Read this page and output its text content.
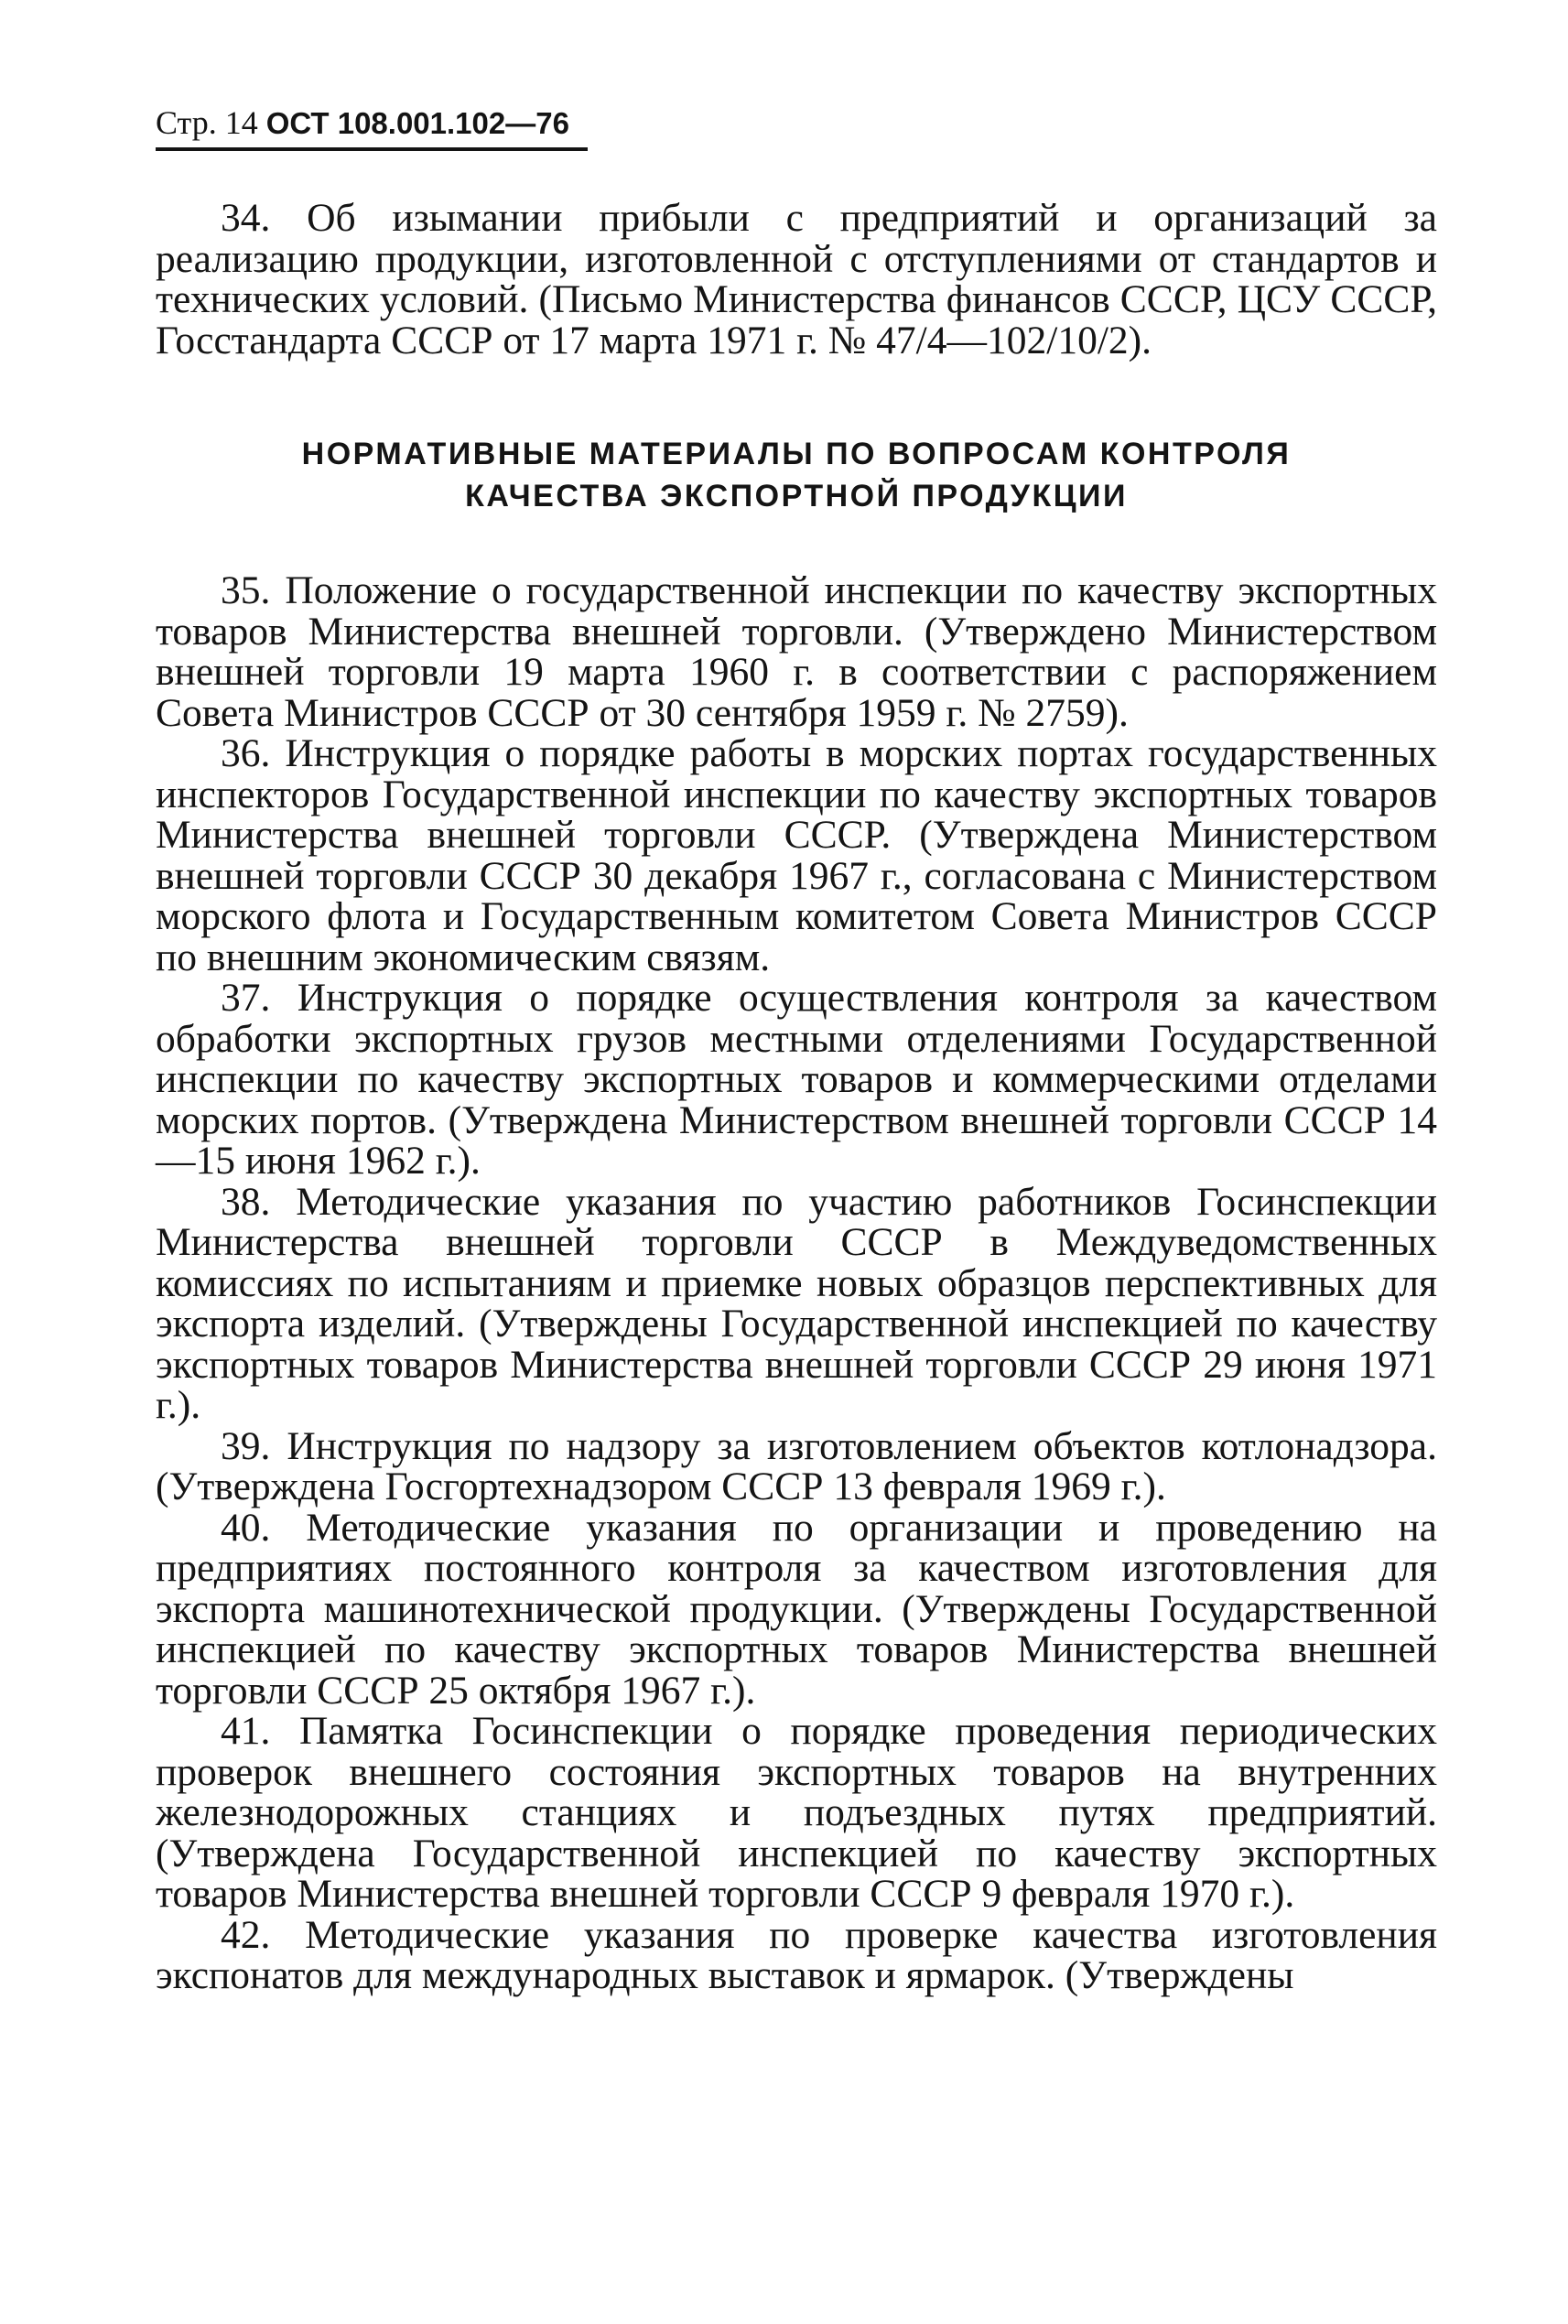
Стр. 14 ОСТ 108.001.102—76

34. Об изымании прибыли с предприятий и организаций за реализацию продукции, изготовленной с отступлениями от стандартов и технических условий. (Письмо Министерства финансов СССР, ЦСУ СССР, Госстандарта СССР от 17 марта 1971 г. № 47/4—102/10/2).

НОРМАТИВНЫЕ МАТЕРИАЛЫ ПО ВОПРОСАМ КОНТРОЛЯ
КАЧЕСТВА ЭКСПОРТНОЙ ПРОДУКЦИИ

35. Положение о государственной инспекции по качеству экспортных товаров Министерства внешней торговли. (Утверждено Министерством внешней торговли 19 марта 1960 г. в соответствии с распоряжением Совета Министров СССР от 30 сентября 1959 г. № 2759).

36. Инструкция о порядке работы в морских портах государственных инспекторов Государственной инспекции по качеству экспортных товаров Министерства внешней торговли СССР. (Утверждена Министерством внешней торговли СССР 30 декабря 1967 г., согласована с Министерством морского флота и Государственным комитетом Совета Министров СССР по внешним экономическим связям.

37. Инструкция о порядке осуществления контроля за качеством обработки экспортных грузов местными отделениями Государственной инспекции по качеству экспортных товаров и коммерческими отделами морских портов. (Утверждена Министерством внешней торговли СССР 14—15 июня 1962 г.).

38. Методические указания по участию работников Госинспекции Министерства внешней торговли СССР в Междуведомственных комиссиях по испытаниям и приемке новых образцов перспективных для экспорта изделий. (Утверждены Государственной инспекцией по качеству экспортных товаров Министерства внешней торговли СССР 29 июня 1971 г.).

39. Инструкция по надзору за изготовлением объектов котлонадзора. (Утверждена Госгортехнадзором СССР 13 февраля 1969 г.).

40. Методические указания по организации и проведению на предприятиях постоянного контроля за качеством изготовления для экспорта машинотехнической продукции. (Утверждены Государственной инспекцией по качеству экспортных товаров Министерства внешней торговли СССР 25 октября 1967 г.).

41. Памятка Госинспекции о порядке проведения периодических проверок внешнего состояния экспортных товаров на внутренних железнодорожных станциях и подъездных путях предприятий. (Утверждена Государственной инспекцией по качеству экспортных товаров Министерства внешней торговли СССР 9 февраля 1970 г.).

42. Методические указания по проверке качества изготовления экспонатов для международных выставок и ярмарок. (Утверждены
